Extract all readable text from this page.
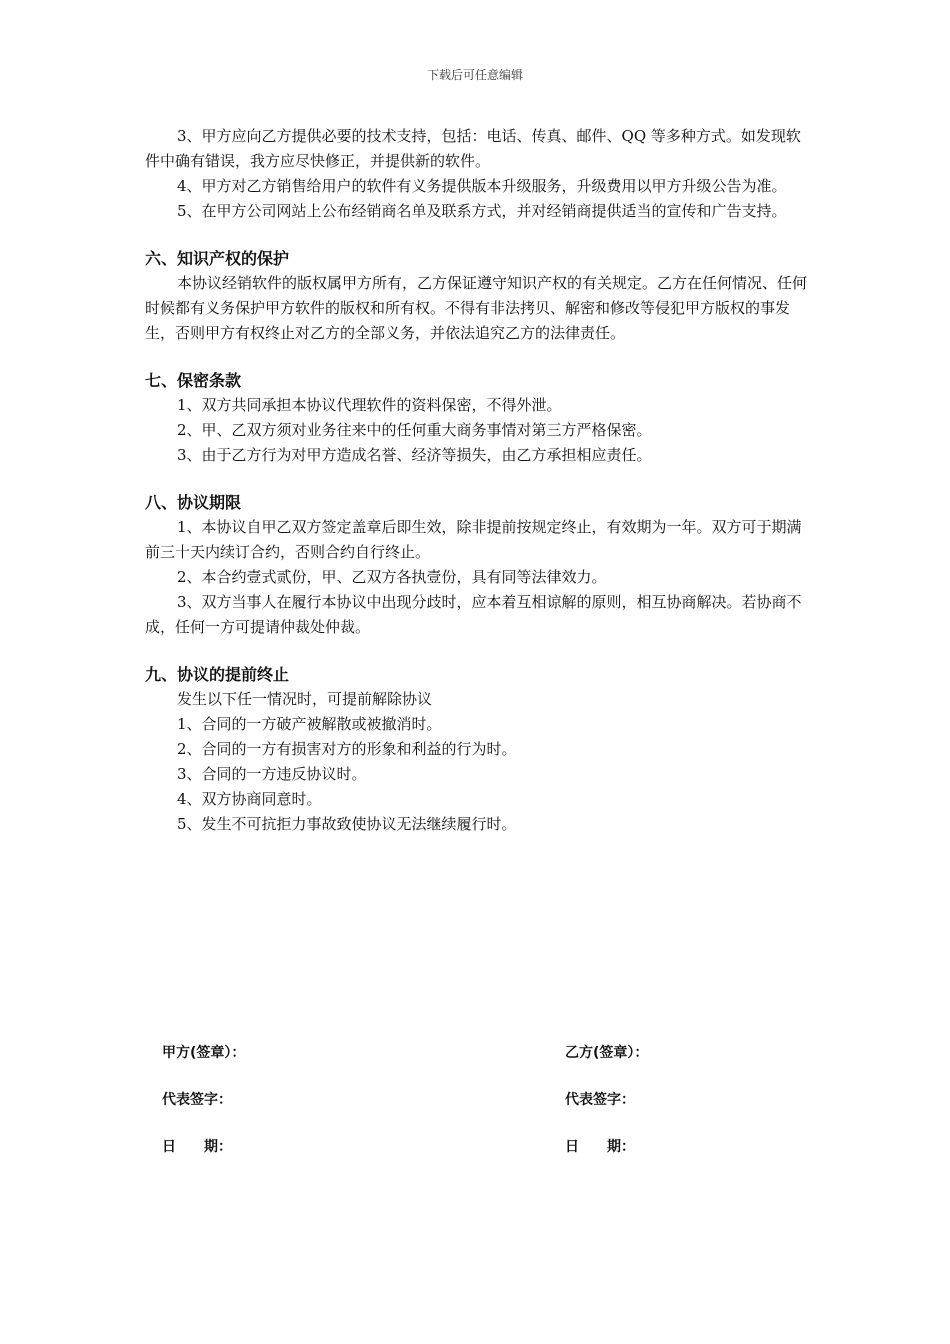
下载后可任意编辑

3、甲方应向乙方提供必要的技术支持，包括：电话、传真、邮件、QQ 等多种方式。如发现软件中确有错误，我方应尽快修正，并提供新的软件。

4、甲方对乙方销售给用户的软件有义务提供版本升级服务，升级费用以甲方升级公告为准。

5、在甲方公司网站上公布经销商名单及联系方式，并对经销商提供适当的宣传和广告支持。

六、知识产权的保护

本协议经销软件的版权属甲方所有，乙方保证遵守知识产权的有关规定。乙方在任何情况、任何时候都有义务保护甲方软件的版权和所有权。不得有非法拷贝、解密和修改等侵犯甲方版权的事发生，否则甲方有权终止对乙方的全部义务，并依法追究乙方的法律责任。

七、保密条款

1、双方共同承担本协议代理软件的资料保密，不得外泄。

2、甲、乙双方须对业务往来中的任何重大商务事情对第三方严格保密。

3、由于乙方行为对甲方造成名誉、经济等损失，由乙方承担相应责任。

八、协议期限

1、本协议自甲乙双方签定盖章后即生效，除非提前按规定终止，有效期为一年。双方可于期满前三十天内续订合约，否则合约自行终止。

2、本合约壹式贰份，甲、乙双方各执壹份，具有同等法律效力。

3、双方当事人在履行本协议中出现分歧时，应本着互相谅解的原则，相互协商解决。若协商不成，任何一方可提请仲裁处仲裁。

九、协议的提前终止

发生以下任一情况时，可提前解除协议

1、合同的一方破产被解散或被撤消时。

2、合同的一方有损害对方的形象和利益的行为时。

3、合同的一方违反协议时。

4、双方协商同意时。

5、发生不可抗拒力事故致使协议无法继续履行时。

甲方(签章）：	乙方(签章）：
代表签字：	代表签字：
日　　期：	日　　期：
